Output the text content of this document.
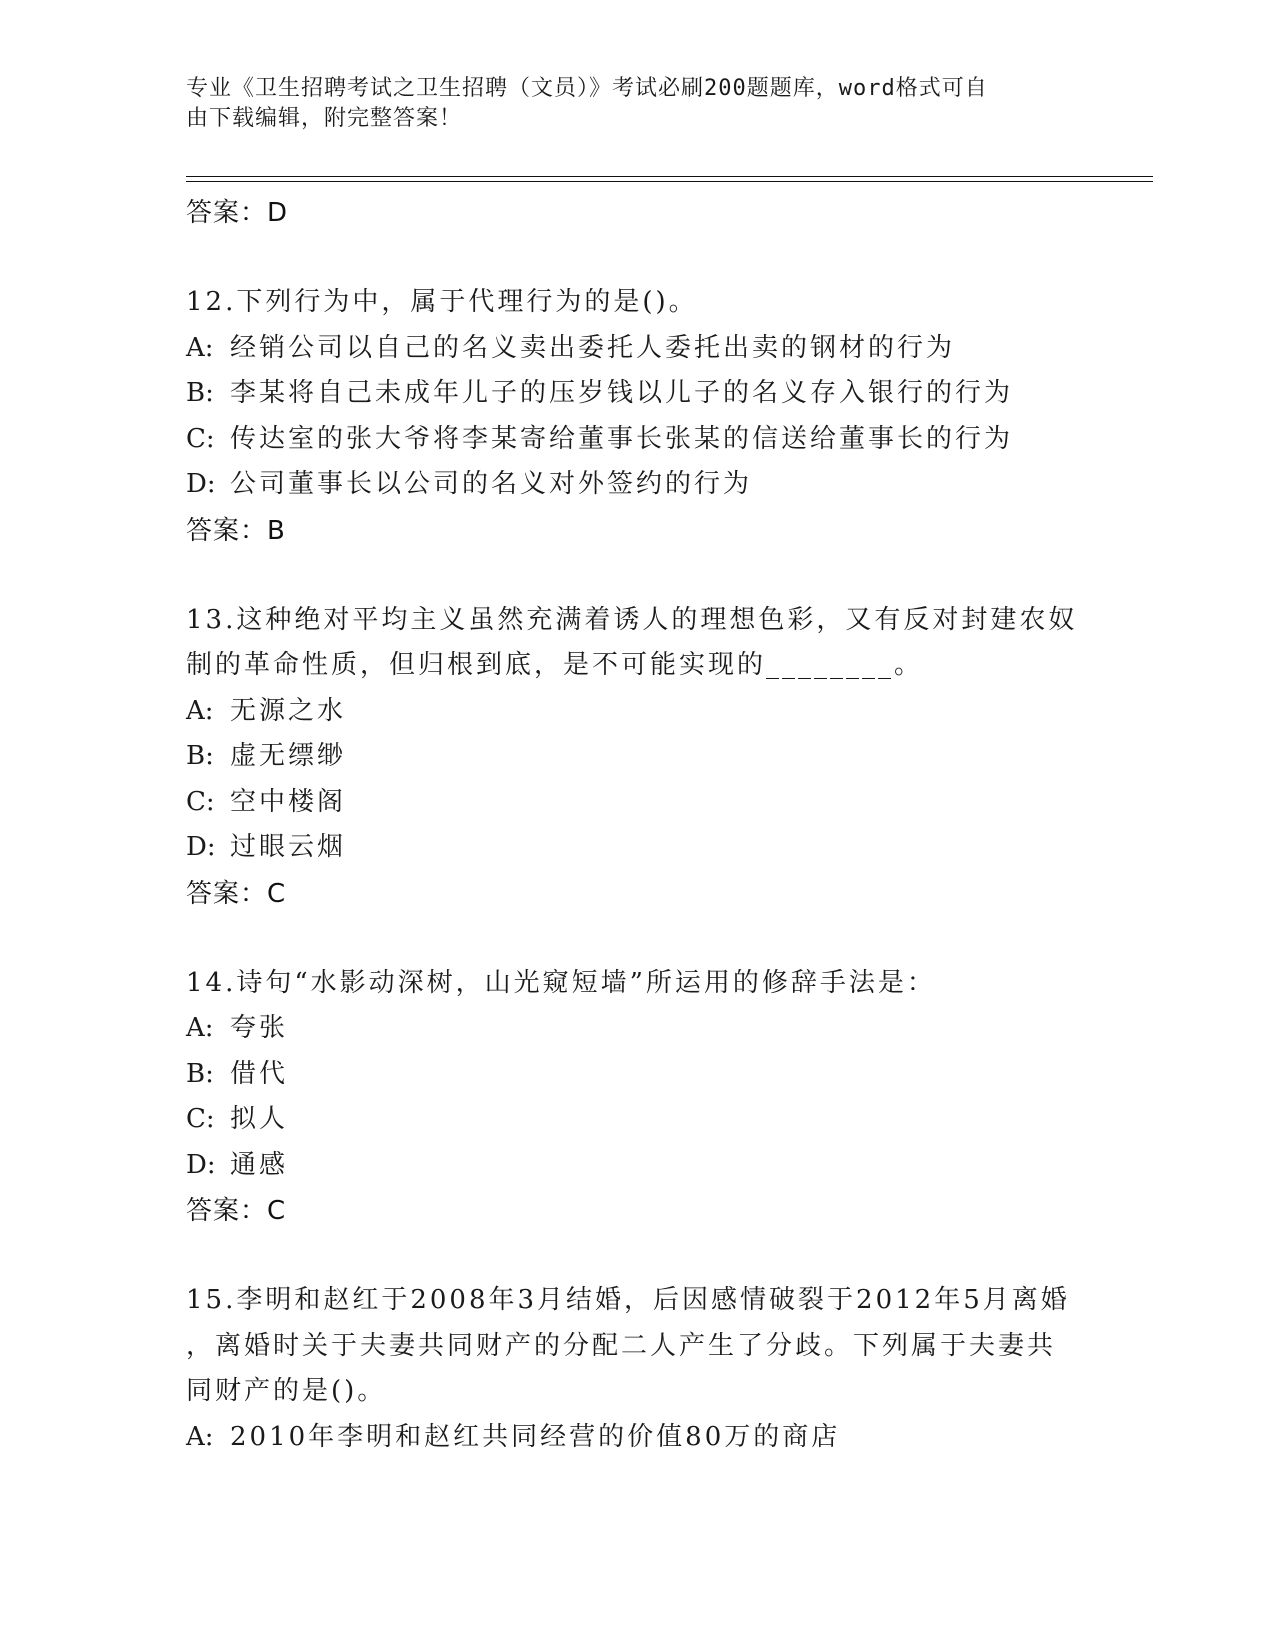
专业《卫生招聘考试之卫生招聘（文员）》考试必刷200题题库，word格式可自
由下载编辑，附完整答案！
答案：D
12.下列行为中，属于代理行为的是()。
A: 经销公司以自己的名义卖出委托人委托出卖的钢材的行为
B: 李某将自己未成年儿子的压岁钱以儿子的名义存入银行的行为
C: 传达室的张大爷将李某寄给董事长张某的信送给董事长的行为
D: 公司董事长以公司的名义对外签约的行为
答案：B
13.这种绝对平均主义虽然充满着诱人的理想色彩，又有反对封建农奴
制的革命性质，但归根到底，是不可能实现的________。
A: 无源之水
B: 虚无缥缈
C: 空中楼阁
D: 过眼云烟
答案：C
14.诗句“水影动深树，山光窥短墙”所运用的修辞手法是：
A: 夸张
B: 借代
C: 拟人
D: 通感
答案：C
15.李明和赵红于2008年3月结婚，后因感情破裂于2012年5月离婚
，离婚时关于夫妻共同财产的分配二人产生了分歧。下列属于夫妻共
同财产的是()。
A: 2010年李明和赵红共同经营的价值80万的商店
